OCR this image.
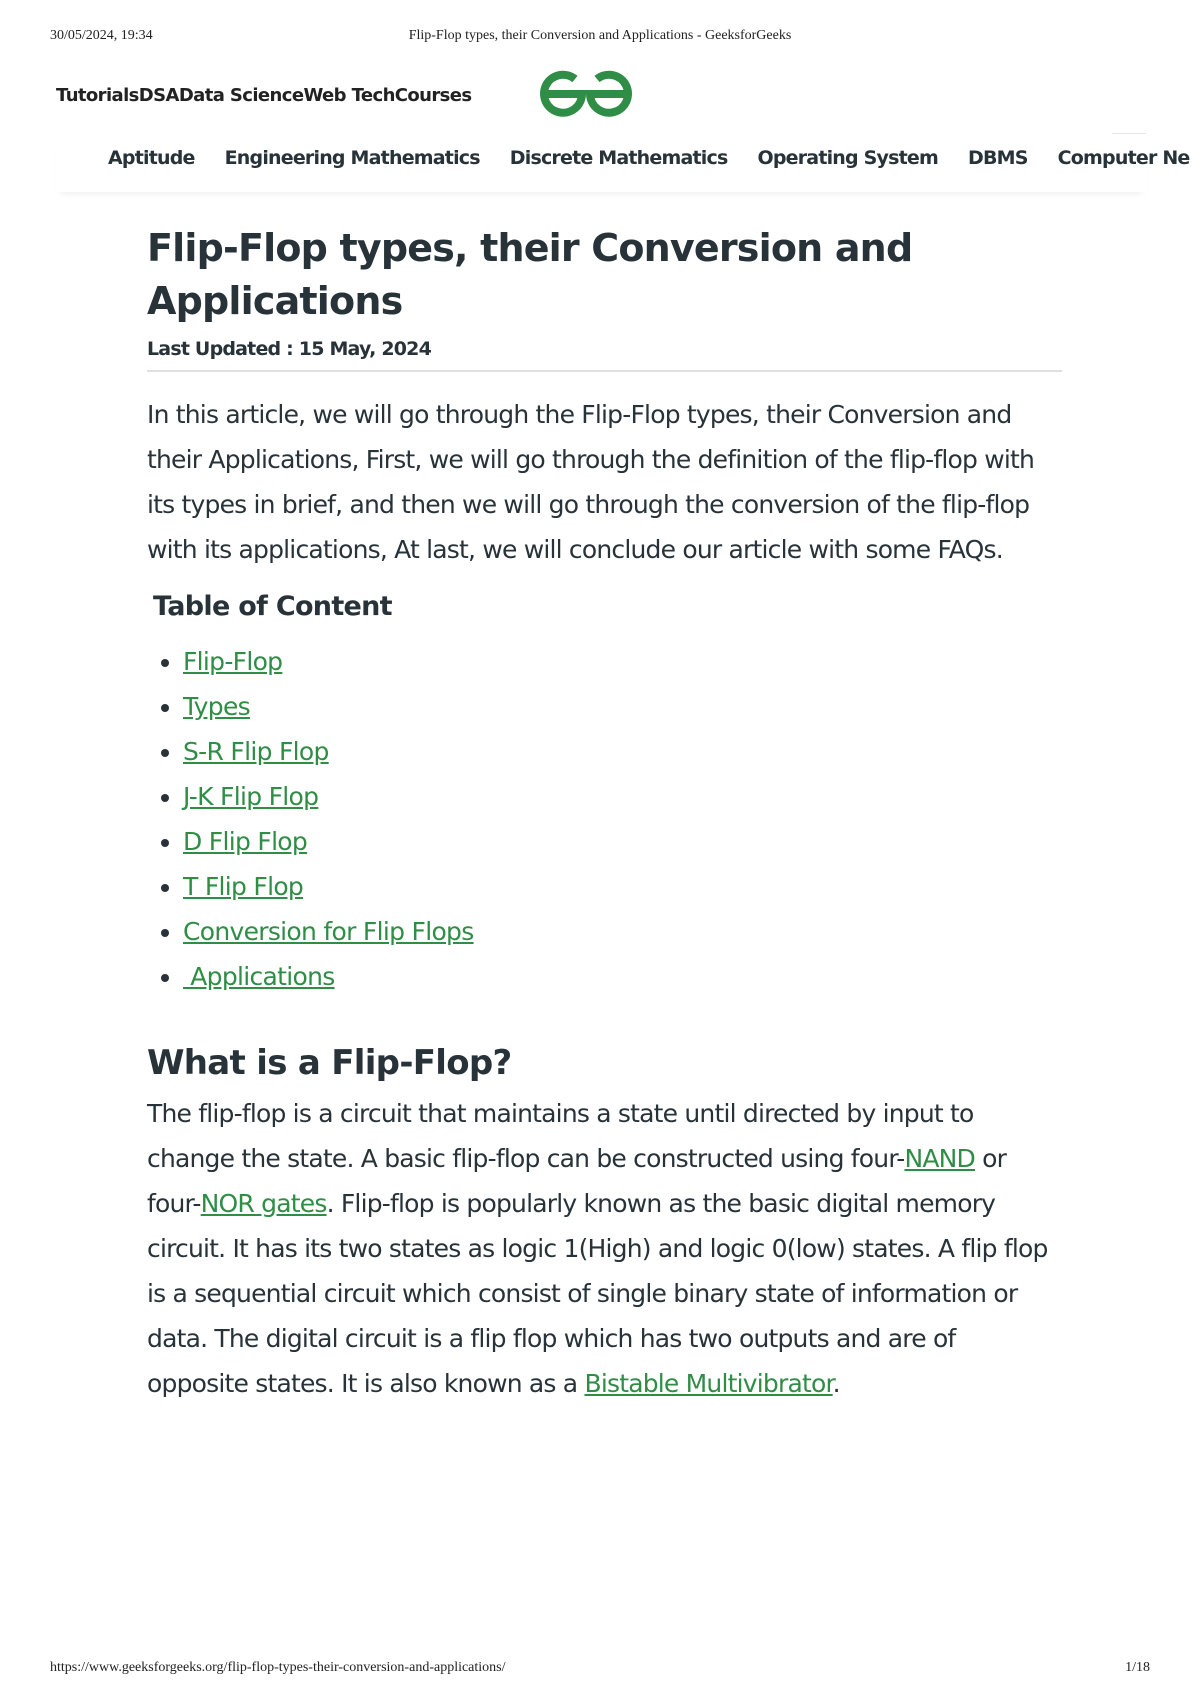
30/05/2024, 19:34	Flip-Flop types, their Conversion and Applications - GeeksforGeeks
Tutorials DSA Data Science Web Tech Courses
Aptitude Engineering Mathematics Discrete Mathematics Operating System DBMS Computer Ne
Flip-Flop types, their Conversion and Applications
Last Updated : 15 May, 2024

In this article, we will go through the Flip-Flop types, their Conversion and their Applications, First, we will go through the definition of the flip-flop with its types in brief, and then we will go through the conversion of the flip-flop with its applications, At last, we will conclude our article with some FAQs.

Table of Content
• Flip-Flop
• Types
• S-R Flip Flop
• J-K Flip Flop
• D Flip Flop
• T Flip Flop
• Conversion for Flip Flops
•  Applications
What is a Flip-Flop?

The flip-flop is a circuit that maintains a state until directed by input to change the state. A basic flip-flop can be constructed using four-NAND or four-NOR gates. Flip-flop is popularly known as the basic digital memory circuit. It has its two states as logic 1(High) and logic 0(low) states. A flip flop is a sequential circuit which consist of single binary state of information or data. The digital circuit is a flip flop which has two outputs and are of opposite states. It is also known as a Bistable Multivibrator.

https://www.geeksforgeeks.org/flip-flop-types-their-conversion-and-applications/	1/18
